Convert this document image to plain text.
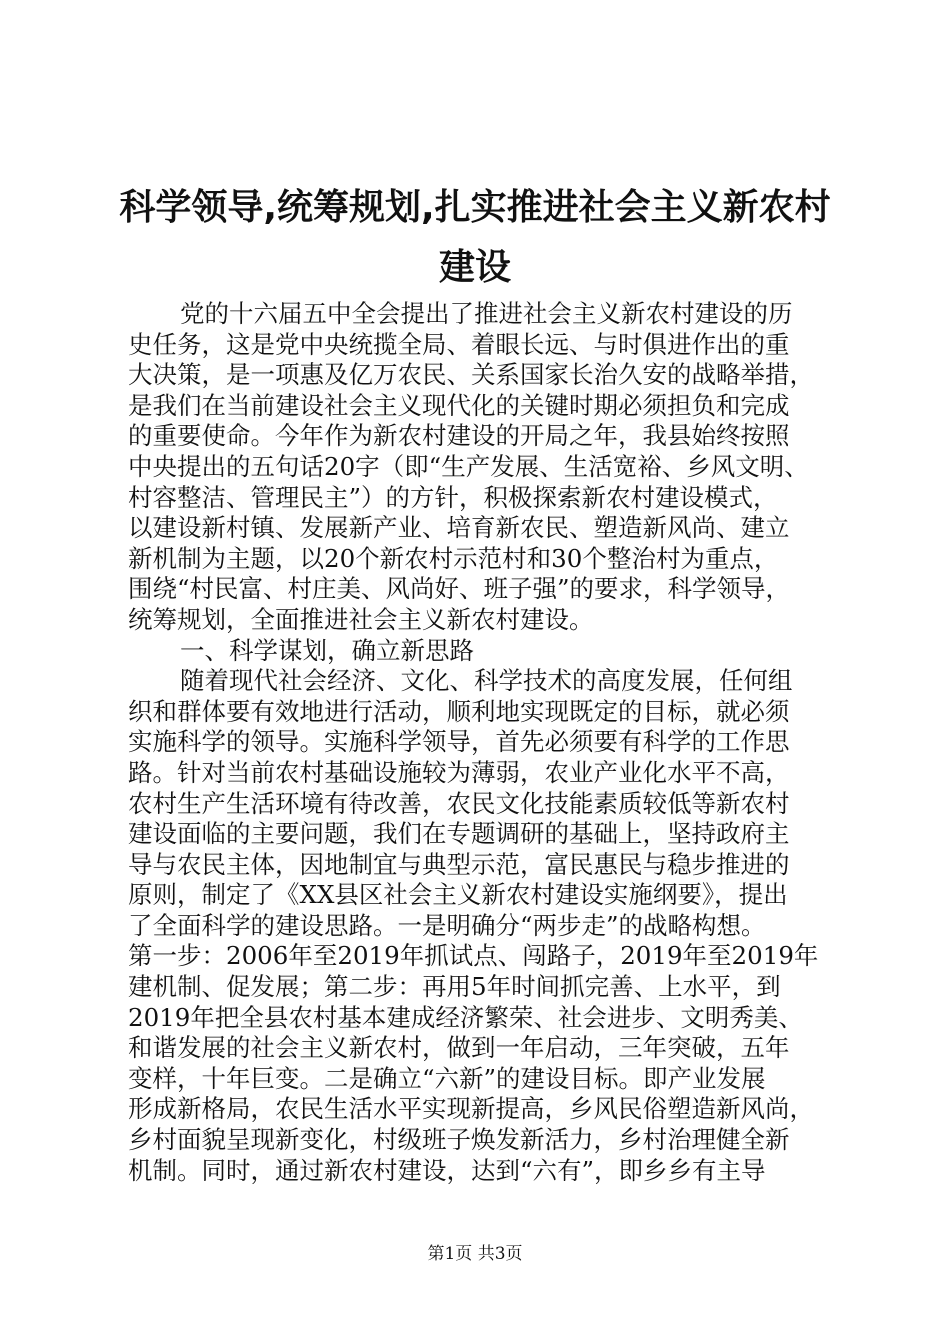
科学领导,统筹规划,扎实推进社会主义新农村
建设
党的十六届五中全会提出了推进社会主义新农村建设的历
史任务，这是党中央统揽全局、着眼长远、与时俱进作出的重
大决策，是一项惠及亿万农民、关系国家长治久安的战略举措，
是我们在当前建设社会主义现代化的关键时期必须担负和完成
的重要使命。今年作为新农村建设的开局之年，我县始终按照
中央提出的五句话20字（即“生产发展、生活宽裕、乡风文明、
村容整洁、管理民主”）的方针，积极探索新农村建设模式，
以建设新村镇、发展新产业、培育新农民、塑造新风尚、建立
新机制为主题，以20个新农村示范村和30个整治村为重点，
围绕“村民富、村庄美、风尚好、班子强”的要求，科学领导，
统筹规划，全面推进社会主义新农村建设。
一、科学谋划，确立新思路
随着现代社会经济、文化、科学技术的高度发展，任何组
织和群体要有效地进行活动，顺利地实现既定的目标，就必须
实施科学的领导。实施科学领导，首先必须要有科学的工作思
路。针对当前农村基础设施较为薄弱，农业产业化水平不高，
农村生产生活环境有待改善，农民文化技能素质较低等新农村
建设面临的主要问题，我们在专题调研的基础上，坚持政府主
导与农民主体，因地制宜与典型示范，富民惠民与稳步推进的
原则，制定了《XX县区社会主义新农村建设实施纲要》，提出
了全面科学的建设思路。一是明确分“两步走”的战略构想。
第一步：2006年至2019年抓试点、闯路子，2019年至2019年
建机制、促发展；第二步：再用5年时间抓完善、上水平，到
2019年把全县农村基本建成经济繁荣、社会进步、文明秀美、
和谐发展的社会主义新农村，做到一年启动，三年突破，五年
变样，十年巨变。二是确立“六新”的建设目标。即产业发展
形成新格局，农民生活水平实现新提高，乡风民俗塑造新风尚，
乡村面貌呈现新变化，村级班子焕发新活力，乡村治理健全新
机制。同时，通过新农村建设，达到“六有”，即乡乡有主导
第1页 共3页
